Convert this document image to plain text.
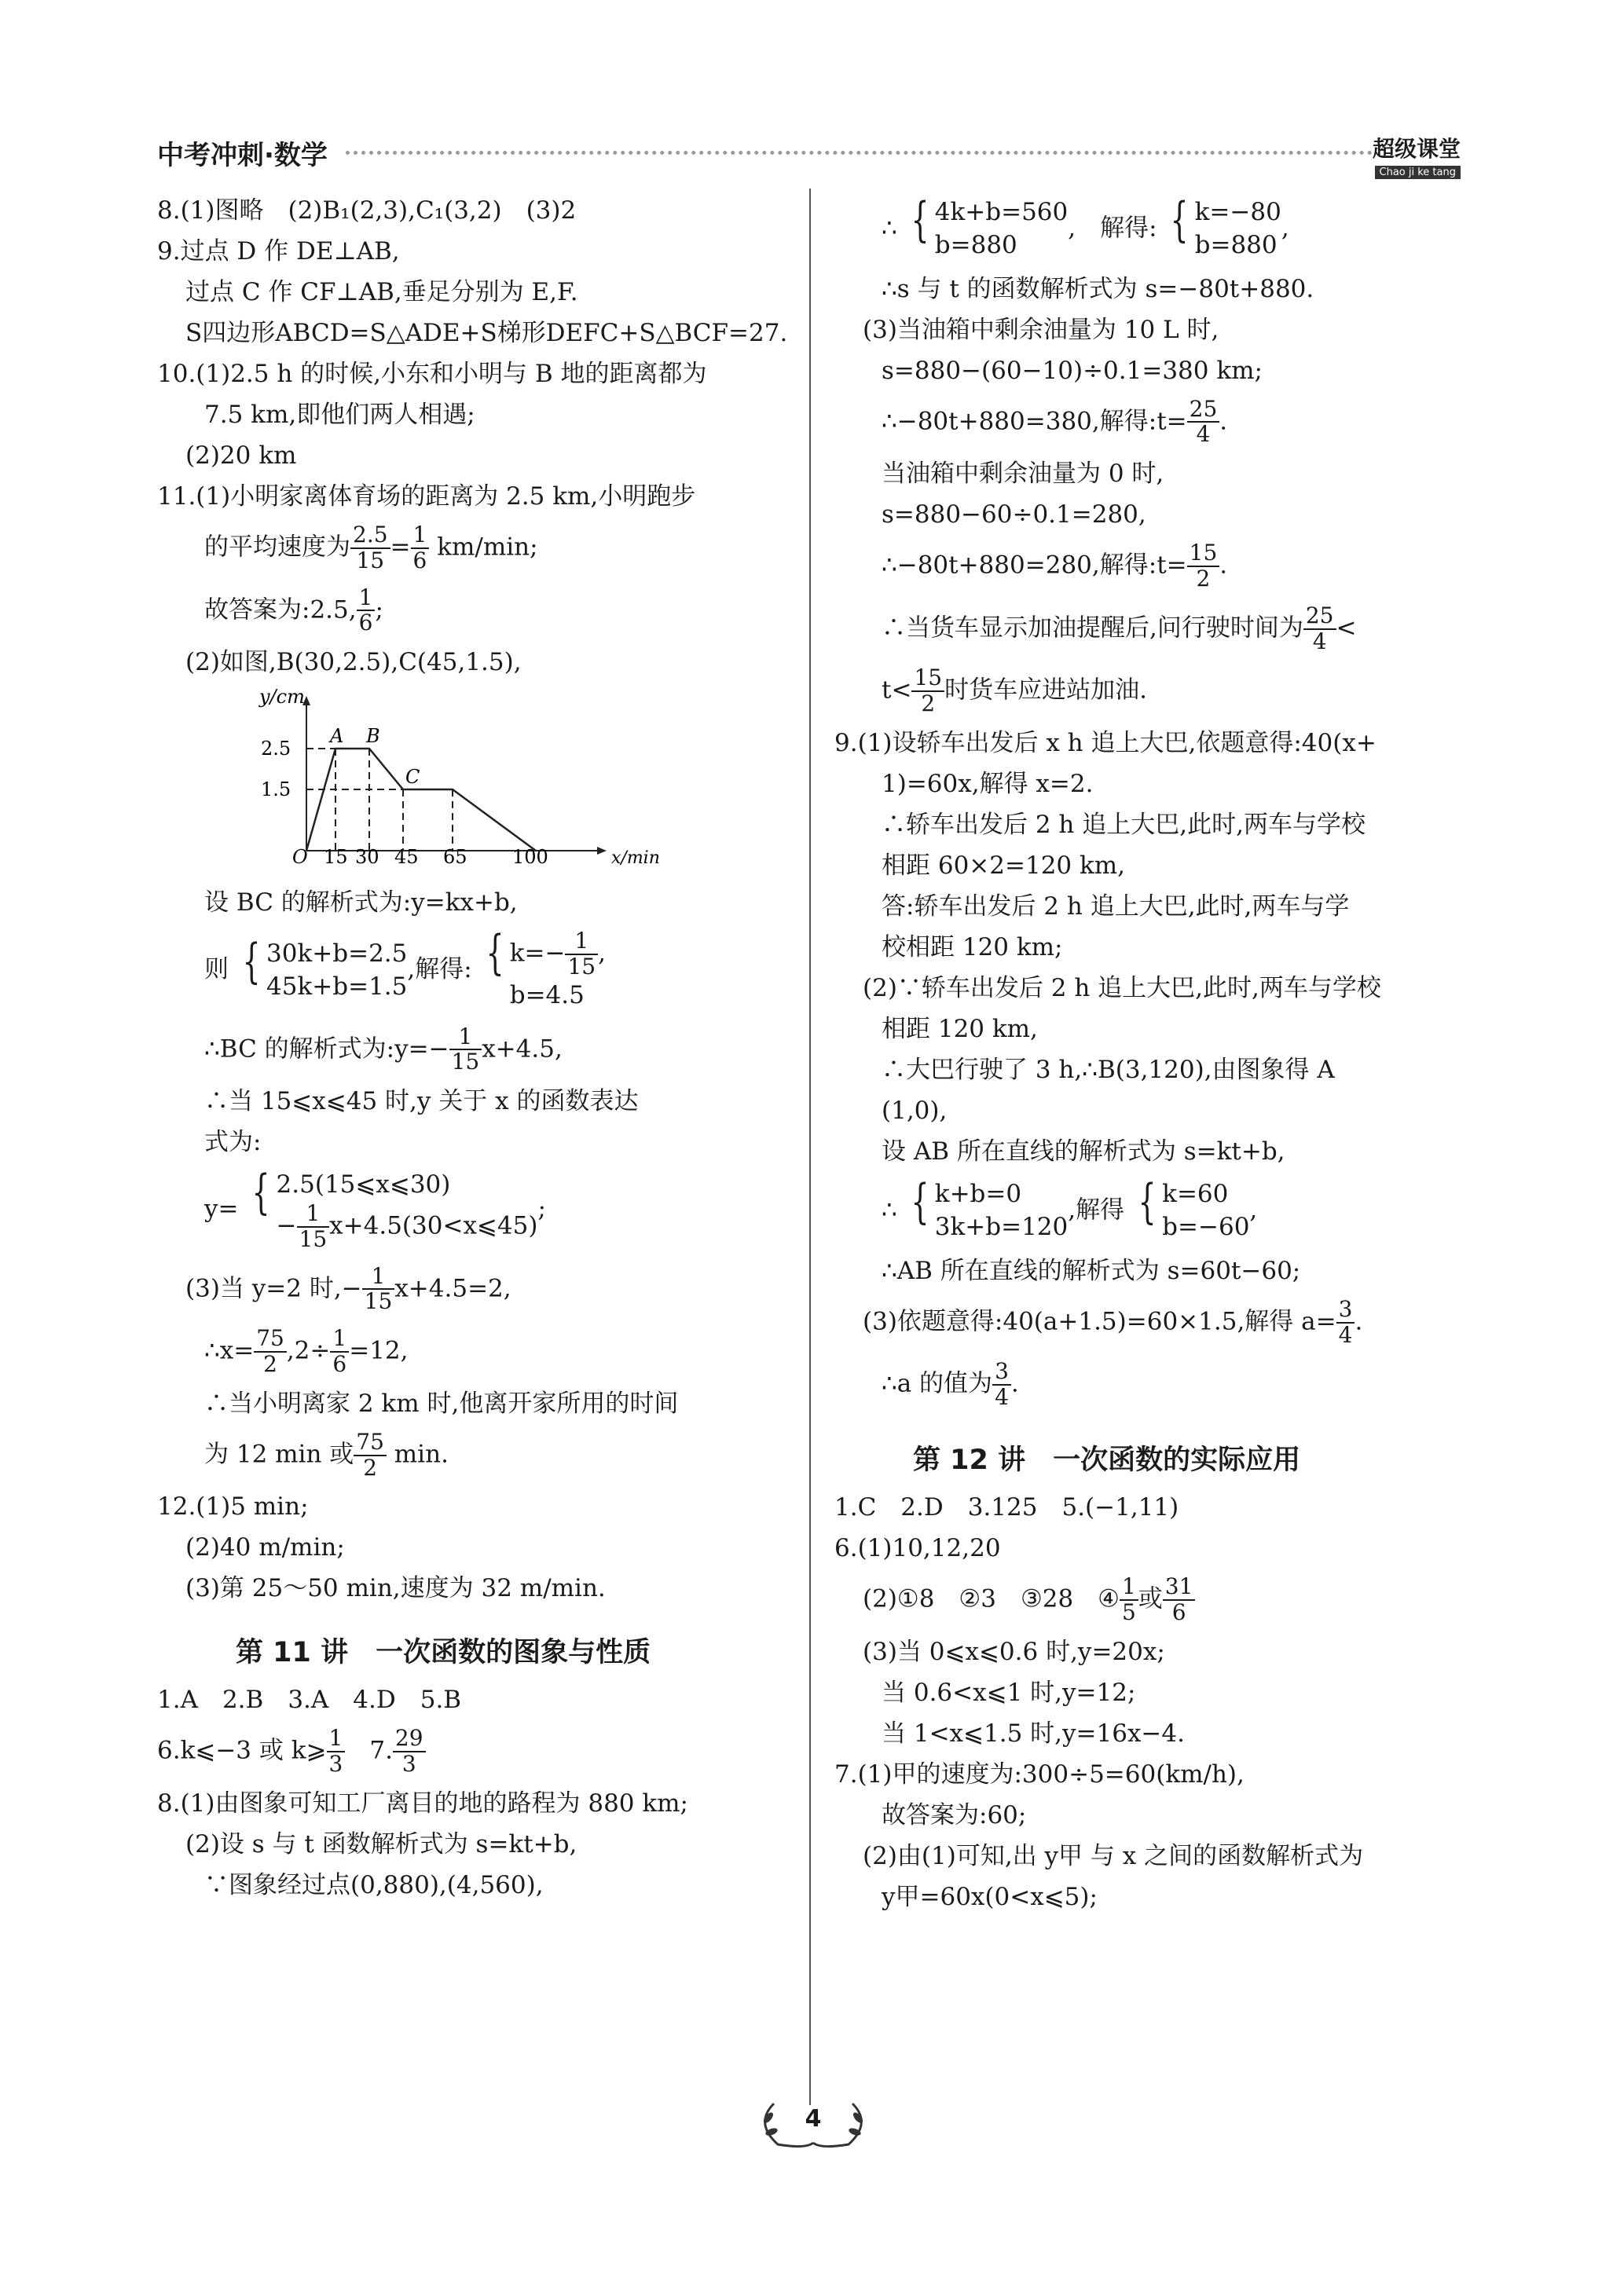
中考冲刺·数学	超级课堂
Chao ji ke tang
8.(1)图略　(2)B₁(2,3),C₁(3,2)　(3)2
9.过点 D 作 DE⊥AB,
过点 C 作 CF⊥AB,垂足分别为 E,F.
S四边形ABCD=S△ADE+S梯形DEFC+S△BCF=27.
10.(1)2.5 h 的时候,小东和小明与 B 地的距离都为
7.5 km,即他们两人相遇;
(2)20 km
11.(1)小明家离体育场的距离为 2.5 km,小明跑步
的平均速度为 $\frac{2.5}{15} = \frac{1}{6} km/\min$;
故答案为:2.5, $\frac{1}{6}$ ;
(2)如图,B(30,2.5),C(45,1.5),
y/cm
x/min
O
2.5
1.5
15 30 45 65 100
A B
C
设 BC 的解析式为:y=kx+b,
则 { 30k+b=2.5
45k+b=1.5
,解得: { $k=- \frac{1}{15}$ ,
b=4.5
∴BC 的解析式为:y=− $\frac{1}{15} x+4.5$,
∴当 15⩽x⩽45 时,y 关于 x 的函数表达
式为:
y= { 2.5(15⩽x⩽30)
− $\frac{1}{15}$ x+4.5(30<x⩽45)
;
(3)当 y=2 时,− $\frac{1}{15} x+4.5=2$,
∴x= $\frac{75}{2} ,2\div \frac{1}{6} =12$,
∴当小明离家 2 km 时,他离开家所用的时间
为 12 min 或 $\frac{75}{2} \min$.
12.(1)5 min;
(2)40 m/min;
(3)第 25～50 min,速度为 32 m/min.
第 11 讲　一次函数的图象与性质
1.A　2.B　3.A　4.D　5.B
6.k⩽−3 或 k⩾ $\frac{1}{3}$ 　7. $\frac{29}{3}$
8.(1)由图象可知工厂离目的地的路程为 880 km;
(2)设 s 与 t 函数解析式为 s=kt+b,
∵图象经过点(0,880),(4,560),
∴ { 4k+b=560
b=880
,　解得: { k=−80
b=880
,
∴s 与 t 的函数解析式为 s=−80t+880.
(3)当油箱中剩余油量为 10 L 时,
s=880−(60−10)÷0.1=380 km;
∴−80t+880=380,解得:t= $\frac{25}{4}$ .
当油箱中剩余油量为 0 时,
s=880−60÷0.1=280,
∴−80t+880=280,解得:t= $\frac{15}{2}$ .
∴当货车显示加油提醒后,问行驶时间为 $\frac{25}{4}$ <
$t< \frac{15}{2}$ 时货车应进站加油.
9.(1)设轿车出发后 x h 追上大巴,依题意得:40(x+
1)=60x,解得 x=2.
∴轿车出发后 2 h 追上大巴,此时,两车与学校
相距 60×2=120 km,
答:轿车出发后 2 h 追上大巴,此时,两车与学
校相距 120 km;
(2)∵轿车出发后 2 h 追上大巴,此时,两车与学校
相距 120 km,
∴大巴行驶了 3 h,∴B(3,120),由图象得 A
(1,0),
设 AB 所在直线的解析式为 s=kt+b,
∴ { k+b=0
3k+b=120
,解得 { k=60
b=−60
,
∴AB 所在直线的解析式为 s=60t−60;
(3)依题意得:40(a+1.5)=60×1.5,解得 $a= \frac{3}{4}$ .
∴a 的值为 $\frac{3}{4}$ .
第 12 讲　一次函数的实际应用
1.C　2.D　3.125　5.(−1,11)
6.(1)10,12,20
(2)①8　②3　③28　④ $\frac{1}{5}$ 或 $\frac{31}{6}$
(3)当 0⩽x⩽0.6 时,y=20x;
当 0.6<x⩽1 时,y=12;
当 1<x⩽1.5 时,y=16x−4.
7.(1)甲的速度为:300÷5=60(km/h),
故答案为:60;
(2)由(1)可知,出 y甲 与 x 之间的函数解析式为
y甲=60x(0<x⩽5);
4
